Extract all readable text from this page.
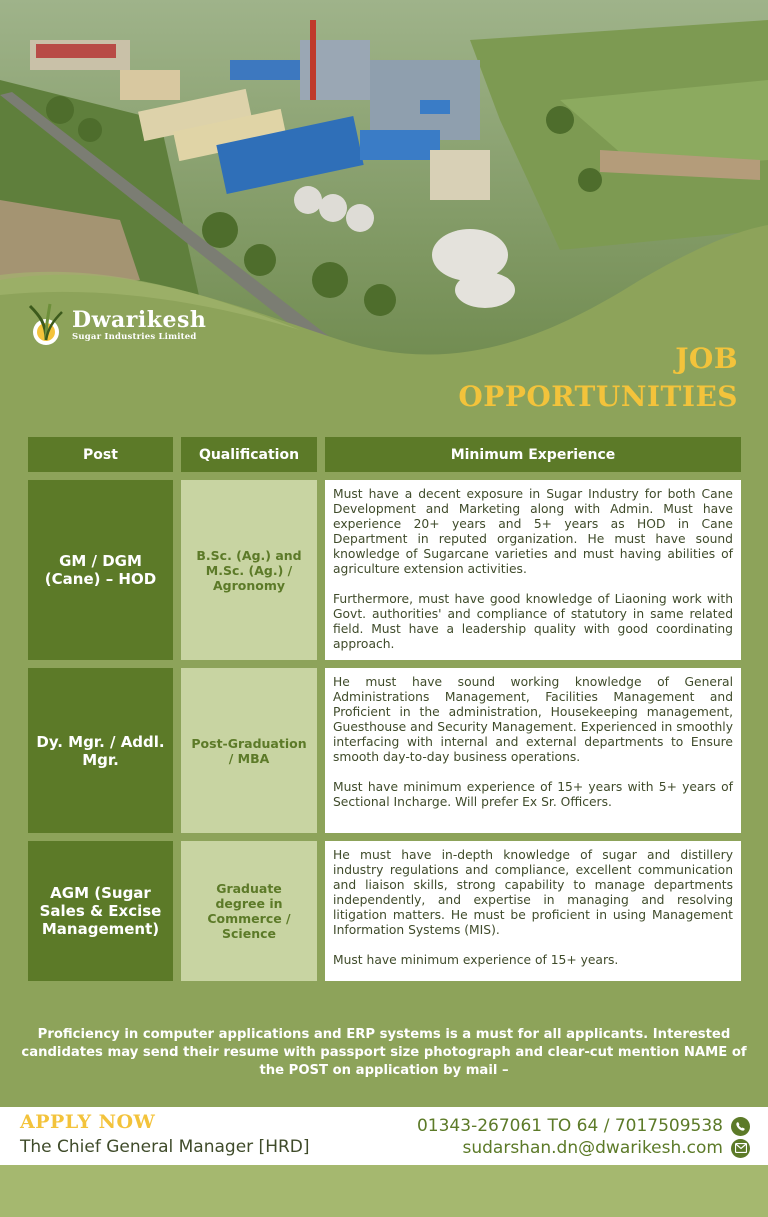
Dwarikesh
Sugar Industries Limited
JOB
OPPORTUNITIES
Post	Qualification	Minimum Experience
GM / DGM (Cane) – HOD
B.Sc. (Ag.) and M.Sc. (Ag.) / Agronomy

Must have a decent exposure in Sugar Industry for both Cane Development and Marketing along with Admin. Must have experience 20+ years and 5+ years as HOD in Cane Department in reputed organization. He must have sound knowledge of Sugarcane varieties and must having abilities of agriculture extension activities.

Furthermore, must have good knowledge of Liaoning work with Govt. authorities' and compliance of statutory in same related field. Must have a leadership quality with good coordinating approach.

Dy. Mgr. / Addl. Mgr.
Post-Graduation / MBA

He must have sound working knowledge of General Administrations Management, Facilities Management and Proficient in the administration, Housekeeping management, Guesthouse and Security Management. Experienced in smoothly interfacing with internal and external departments to Ensure smooth day-to-day business operations.

Must have minimum experience of 15+ years with 5+ years of Sectional Incharge. Will prefer Ex Sr. Officers.

AGM (Sugar Sales & Excise Management)
Graduate degree in Commerce / Science

He must have in-depth knowledge of sugar and distillery industry regulations and compliance, excellent communication and liaison skills, strong capability to manage departments independently, and expertise in managing and resolving litigation matters. He must be proficient in using Management Information Systems (MIS).

Must have minimum experience of 15+ years.

Proficiency in computer applications and ERP systems is a must for all applicants. Interested candidates may send their resume with passport size photograph and clear-cut mention NAME of the POST on application by mail –
APPLY NOW
The Chief General Manager [HRD]
01343-267061 TO 64 / 7017509538
sudarshan.dn@dwarikesh.com
